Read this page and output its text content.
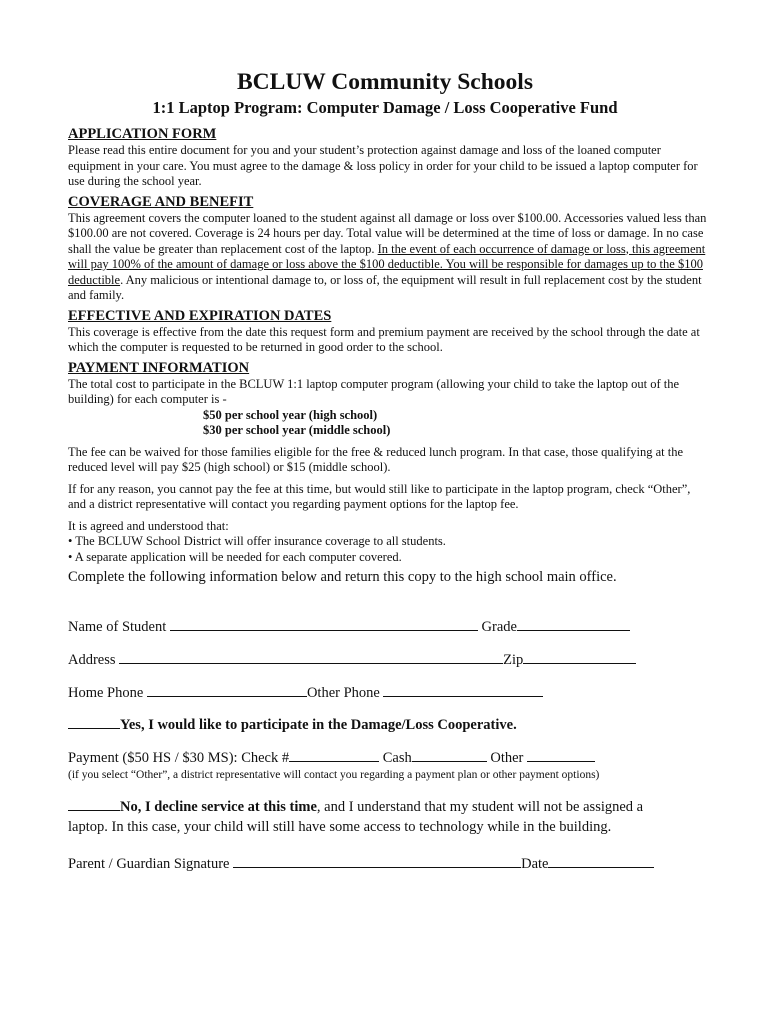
BCLUW Community Schools
1:1 Laptop Program: Computer Damage / Loss Cooperative Fund
APPLICATION FORM

Please read this entire document for you and your student’s protection against damage and loss of the loaned computer equipment in your care. You must agree to the damage & loss policy in order for your child to be issued a laptop computer for use during the school year.

COVERAGE AND BENEFIT

This agreement covers the computer loaned to the student against all damage or loss over $100.00. Accessories valued less than $100.00 are not covered. Coverage is 24 hours per day. Total value will be determined at the time of loss or damage. In no case shall the value be greater than replacement cost of the laptop. In the event of each occurrence of damage or loss, this agreement will pay 100% of the amount of damage or loss above the $100 deductible. You will be responsible for damages up to the $100 deductible. Any malicious or intentional damage to, or loss of, the equipment will result in full replacement cost by the student and family.

EFFECTIVE AND EXPIRATION DATES

This coverage is effective from the date this request form and premium payment are received by the school through the date at which the computer is requested to be returned in good order to the school.

PAYMENT INFORMATION

The total cost to participate in the BCLUW 1:1 laptop computer program (allowing your child to take the laptop out of the building) for each computer is -

$50 per school year (high school)

$30 per school year (middle school)

The fee can be waived for those families eligible for the free & reduced lunch program. In that case, those qualifying at the reduced level will pay $25 (high school) or $15 (middle school).

If for any reason, you cannot pay the fee at this time, but would still like to participate in the laptop program, check “Other”, and a district representative will contact you regarding payment options for the laptop fee.

It is agreed and understood that:

• The BCLUW School District will offer insurance coverage to all students.

• A separate application will be needed for each computer covered.

Complete the following information below and return this copy to the high school main office.

Name of Student	Grade
Address	Zip
Home Phone	Other Phone
Yes, I would like to participate in the Damage/Loss Cooperative.
Payment ($50 HS / $30 MS): Check #	Cash	Other
(if you select “Other”, a district representative will contact you regarding a payment plan or other payment options)
No, I decline service at this time, and I understand that my student will not be assigned a laptop. In this case, your child will still have some access to technology while in the building.
Parent / Guardian Signature	Date
